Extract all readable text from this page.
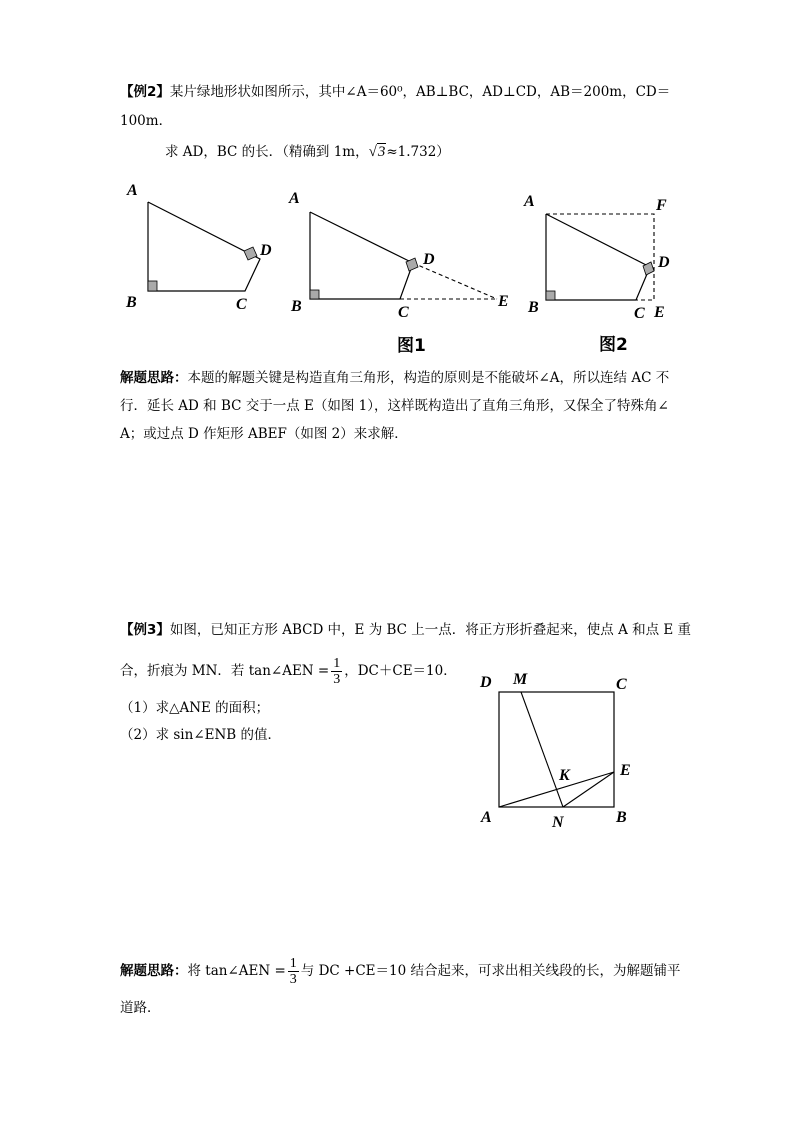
【例2】某片绿地形状如图所示，其中∠A＝60⁰，AB⊥BC，AD⊥CD，AB＝200m，CD＝
100m．
求 AD，BC 的长．（精确到 1m，√3≈1.732）
A
B	C
D
A
B	C
D
E
图1
A	F
B	C
D
E
图2
解题思路：本题的解题关键是构造直角三角形，构造的原则是不能破坏∠A，所以连结 AC 不
行．延长 AD 和 BC 交于一点 E（如图 1），这样既构造出了直角三角形，又保全了特殊角∠
A；或过点 D 作矩形 ABEF（如图 2）来求解．
【例3】如图，已知正方形 ABCD 中，E 为 BC 上一点．将正方形折叠起来，使点 A 和点 E 重
合，折痕为 MN．若 tan∠AEN = $\frac{1}{3}$ ，DC＋CE＝10．
（1）求△ANE 的面积；
（2）求 sin∠ENB 的值．
D M	C
K	E
A	N	B
解题思路：将 tan∠AEN = $\frac{1}{3}$ 与 DC +CE＝10 结合起来，可求出相关线段的长，为解题铺平
道路．
